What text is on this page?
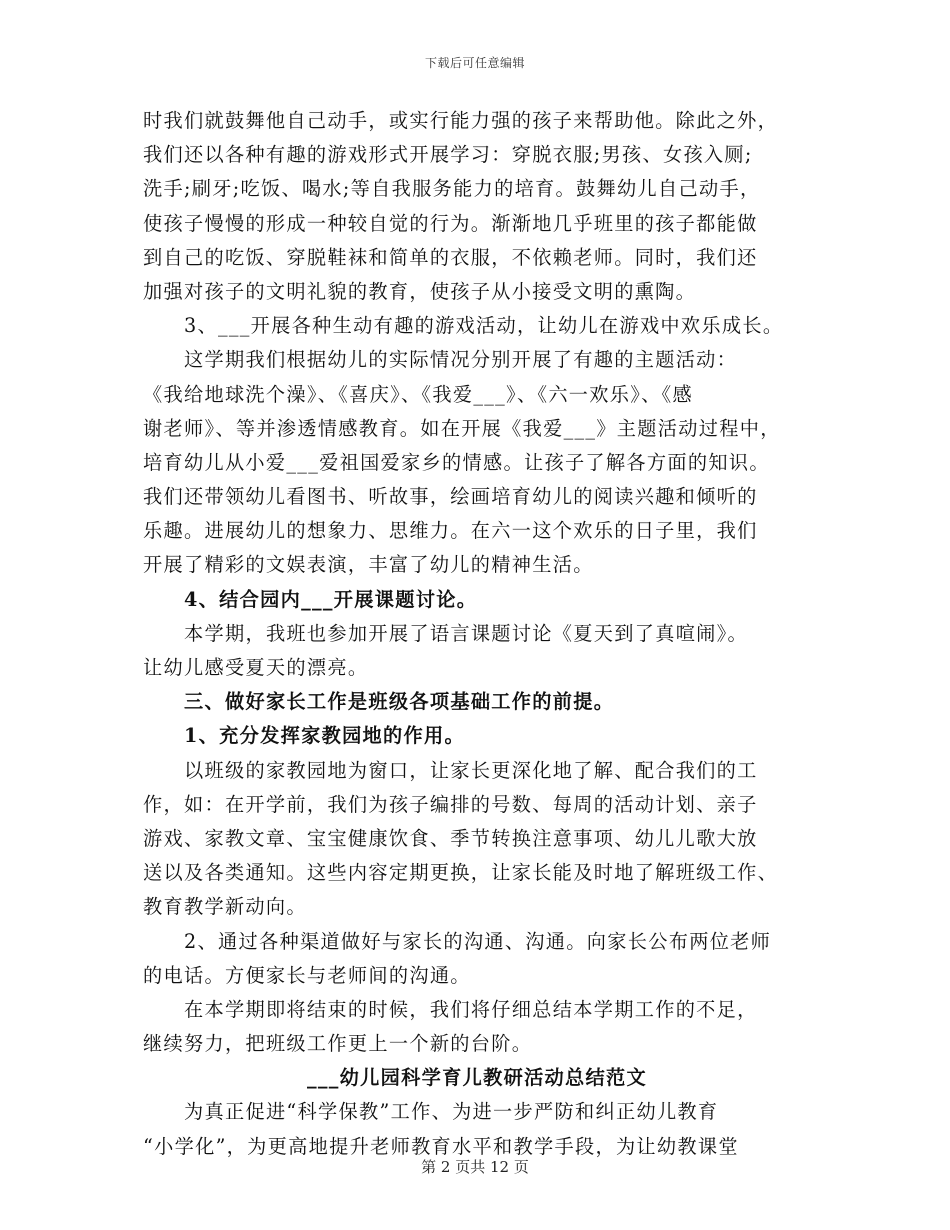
下载后可任意编辑
时我们就鼓舞他自己动手，或实行能力强的孩子来帮助他。除此之外，
我们还以各种有趣的游戏形式开展学习：穿脱衣服;男孩、女孩入厕;
洗手;刷牙;吃饭、喝水;等自我服务能力的培育。鼓舞幼儿自己动手，
使孩子慢慢的形成一种较自觉的行为。渐渐地几乎班里的孩子都能做
到自己的吃饭、穿脱鞋袜和简单的衣服，不依赖老师。同时，我们还
加强对孩子的文明礼貌的教育，使孩子从小接受文明的熏陶。
3、___开展各种生动有趣的游戏活动，让幼儿在游戏中欢乐成长。
这学期我们根据幼儿的实际情况分别开展了有趣的主题活动：
《我给地球洗个澡》、《喜庆》、《我爱___》、《六一欢乐》、《感
谢老师》、等并渗透情感教育。如在开展《我爱___》主题活动过程中，
培育幼儿从小爱___爱祖国爱家乡的情感。让孩子了解各方面的知识。
我们还带领幼儿看图书、听故事，绘画培育幼儿的阅读兴趣和倾听的
乐趣。进展幼儿的想象力、思维力。在六一这个欢乐的日子里，我们
开展了精彩的文娱表演，丰富了幼儿的精神生活。
4、结合园内___开展课题讨论。
本学期，我班也参加开展了语言课题讨论《夏天到了真喧闹》。
让幼儿感受夏天的漂亮。
三、做好家长工作是班级各项基础工作的前提。
1、充分发挥家教园地的作用。
以班级的家教园地为窗口，让家长更深化地了解、配合我们的工
作，如：在开学前，我们为孩子编排的号数、每周的活动计划、亲子
游戏、家教文章、宝宝健康饮食、季节转换注意事项、幼儿儿歌大放
送以及各类通知。这些内容定期更换，让家长能及时地了解班级工作、
教育教学新动向。
2、通过各种渠道做好与家长的沟通、沟通。向家长公布两位老师
的电话。方便家长与老师间的沟通。
在本学期即将结束的时候，我们将仔细总结本学期工作的不足，
继续努力，把班级工作更上一个新的台阶。
___幼儿园科学育儿教研活动总结范文
为真正促进“科学保教”工作、为进一步严防和纠正幼儿教育
“小学化”，为更高地提升老师教育水平和教学手段，为让幼教课堂
第 2 页共 12 页
